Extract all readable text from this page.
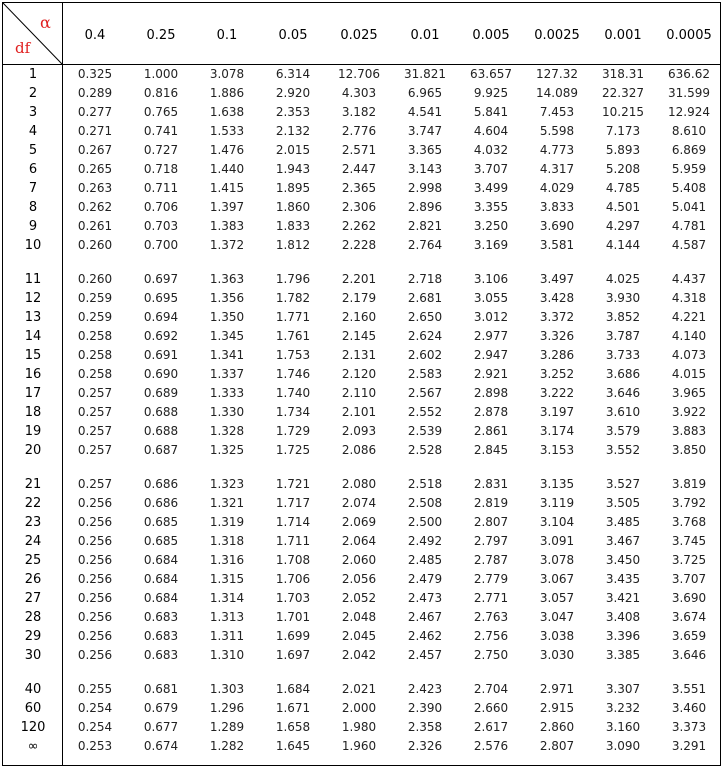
α
df
0.4	0.25	0.1	0.05	0.025	0.01	0.005	0.0025	0.001	0.0005
1	0.325	1.000	3.078	6.314	12.706	31.821	63.657	127.32	318.31	636.62
2	0.289	0.816	1.886	2.920	4.303	6.965	9.925	14.089	22.327	31.599
3	0.277	0.765	1.638	2.353	3.182	4.541	5.841	7.453	10.215	12.924
4	0.271	0.741	1.533	2.132	2.776	3.747	4.604	5.598	7.173	8.610
5	0.267	0.727	1.476	2.015	2.571	3.365	4.032	4.773	5.893	6.869
6	0.265	0.718	1.440	1.943	2.447	3.143	3.707	4.317	5.208	5.959
7	0.263	0.711	1.415	1.895	2.365	2.998	3.499	4.029	4.785	5.408
8	0.262	0.706	1.397	1.860	2.306	2.896	3.355	3.833	4.501	5.041
9	0.261	0.703	1.383	1.833	2.262	2.821	3.250	3.690	4.297	4.781
10	0.260	0.700	1.372	1.812	2.228	2.764	3.169	3.581	4.144	4.587
11	0.260	0.697	1.363	1.796	2.201	2.718	3.106	3.497	4.025	4.437
12	0.259	0.695	1.356	1.782	2.179	2.681	3.055	3.428	3.930	4.318
13	0.259	0.694	1.350	1.771	2.160	2.650	3.012	3.372	3.852	4.221
14	0.258	0.692	1.345	1.761	2.145	2.624	2.977	3.326	3.787	4.140
15	0.258	0.691	1.341	1.753	2.131	2.602	2.947	3.286	3.733	4.073
16	0.258	0.690	1.337	1.746	2.120	2.583	2.921	3.252	3.686	4.015
17	0.257	0.689	1.333	1.740	2.110	2.567	2.898	3.222	3.646	3.965
18	0.257	0.688	1.330	1.734	2.101	2.552	2.878	3.197	3.610	3.922
19	0.257	0.688	1.328	1.729	2.093	2.539	2.861	3.174	3.579	3.883
20	0.257	0.687	1.325	1.725	2.086	2.528	2.845	3.153	3.552	3.850
21	0.257	0.686	1.323	1.721	2.080	2.518	2.831	3.135	3.527	3.819
22	0.256	0.686	1.321	1.717	2.074	2.508	2.819	3.119	3.505	3.792
23	0.256	0.685	1.319	1.714	2.069	2.500	2.807	3.104	3.485	3.768
24	0.256	0.685	1.318	1.711	2.064	2.492	2.797	3.091	3.467	3.745
25	0.256	0.684	1.316	1.708	2.060	2.485	2.787	3.078	3.450	3.725
26	0.256	0.684	1.315	1.706	2.056	2.479	2.779	3.067	3.435	3.707
27	0.256	0.684	1.314	1.703	2.052	2.473	2.771	3.057	3.421	3.690
28	0.256	0.683	1.313	1.701	2.048	2.467	2.763	3.047	3.408	3.674
29	0.256	0.683	1.311	1.699	2.045	2.462	2.756	3.038	3.396	3.659
30	0.256	0.683	1.310	1.697	2.042	2.457	2.750	3.030	3.385	3.646
40	0.255	0.681	1.303	1.684	2.021	2.423	2.704	2.971	3.307	3.551
60	0.254	0.679	1.296	1.671	2.000	2.390	2.660	2.915	3.232	3.460
120	0.254	0.677	1.289	1.658	1.980	2.358	2.617	2.860	3.160	3.373
∞	0.253	0.674	1.282	1.645	1.960	2.326	2.576	2.807	3.090	3.291
